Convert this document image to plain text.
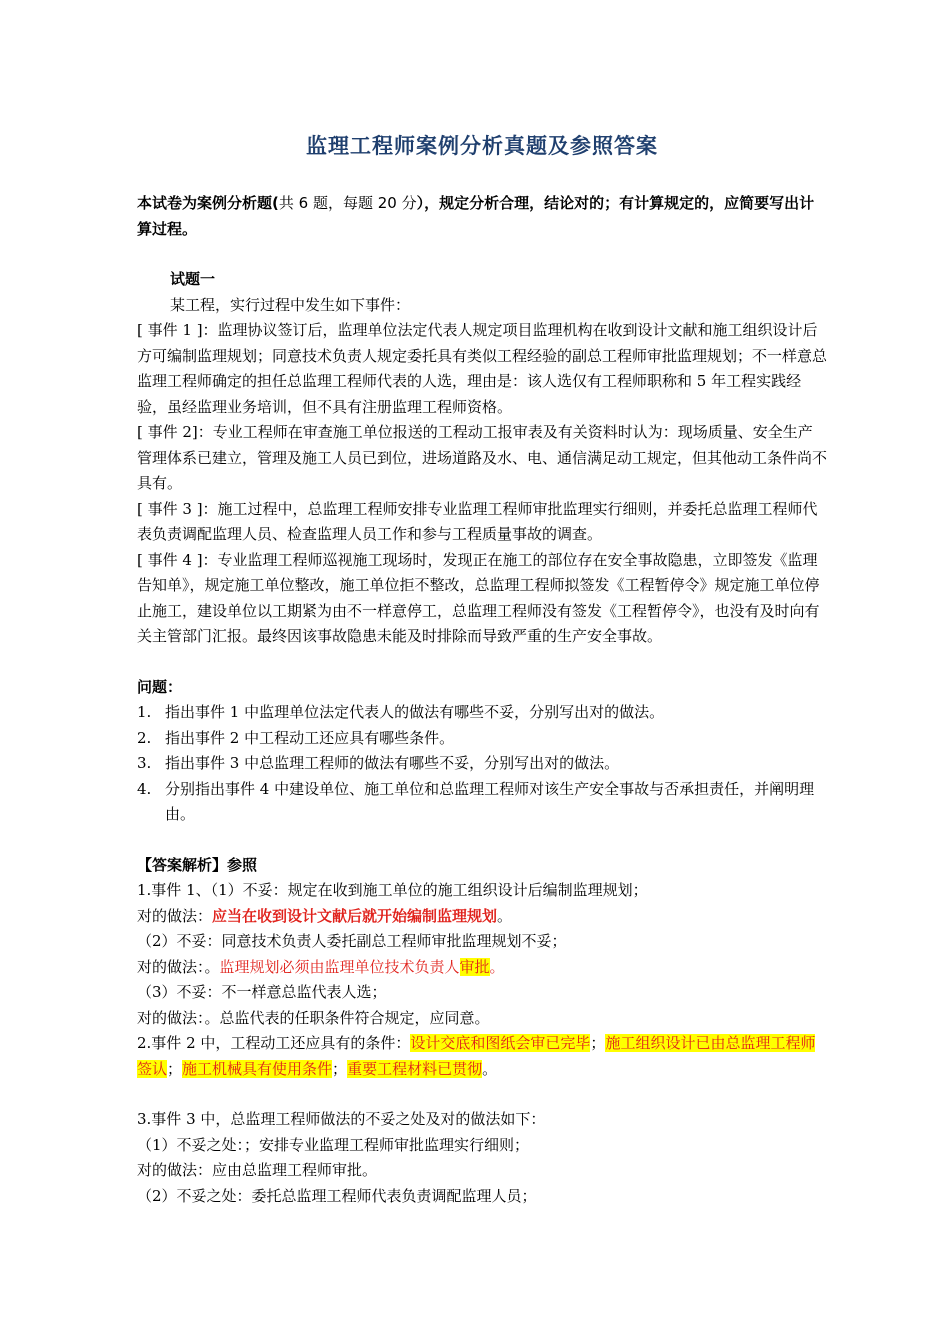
监理工程师案例分析真题及参照答案

本试卷为案例分析题(共 6 题，每题 20 分），规定分析合理，结论对的；有计算规定的，应简要写出计算过程。

试题一

某工程，实行过程中发生如下事件：

[ 事件 1 ]：监理协议签订后，监理单位法定代表人规定项目监理机构在收到设计文献和施工组织设计后方可编制监理规划；同意技术负责人规定委托具有类似工程经验的副总工程师审批监理规划；不一样意总监理工程师确定的担任总监理工程师代表的人选，理由是：该人选仅有工程师职称和 5 年工程实践经验，虽经监理业务培训，但不具有注册监理工程师资格。

[ 事件 2]：专业工程师在审查施工单位报送的工程动工报审表及有关资料时认为：现场质量、安全生产管理体系已建立，管理及施工人员已到位，进场道路及水、电、通信满足动工规定，但其他动工条件尚不具有。

[ 事件 3 ]：施工过程中，总监理工程师安排专业监理工程师审批监理实行细则，并委托总监理工程师代表负责调配监理人员、检查监理人员工作和参与工程质量事故的调查。

[ 事件 4 ]：专业监理工程师巡视施工现场时，发现正在施工的部位存在安全事故隐患，立即签发《监理告知单》，规定施工单位整改，施工单位拒不整改，总监理工程师拟签发《工程暂停令》规定施工单位停止施工，建设单位以工期紧为由不一样意停工，总监理工程师没有签发《工程暂停令》，也没有及时向有关主管部门汇报。最终因该事故隐患未能及时排除而导致严重的生产安全事故。

问题：

1. 指出事件 1 中监理单位法定代表人的做法有哪些不妥，分别写出对的做法。
2. 指出事件 2 中工程动工还应具有哪些条件。
3. 指出事件 3 中总监理工程师的做法有哪些不妥，分别写出对的做法。
4. 分别指出事件 4 中建设单位、施工单位和总监理工程师对该生产安全事故与否承担责任，并阐明理由。

【答案解析】参照

1.事件 1、（1）不妥：规定在收到施工单位的施工组织设计后编制监理规划；

对的做法：应当在收到设计文献后就开始编制监理规划。

（2）不妥：同意技术负责人委托副总工程师审批监理规划不妥；

对的做法：。监理规划必须由监理单位技术负责人审批。

（3）不妥：不一样意总监代表人选；

对的做法：。总监代表的任职条件符合规定，应同意。

2.事件 2 中，工程动工还应具有的条件：设计交底和图纸会审已完毕；施工组织设计已由总监理工程师签认；施工机械具有使用条件；重要工程材料已贯彻。

3.事件 3 中，总监理工程师做法的不妥之处及对的做法如下：

（1）不妥之处：；安排专业监理工程师审批监理实行细则；

对的做法：应由总监理工程师审批。

（2）不妥之处：委托总监理工程师代表负责调配监理人员；
